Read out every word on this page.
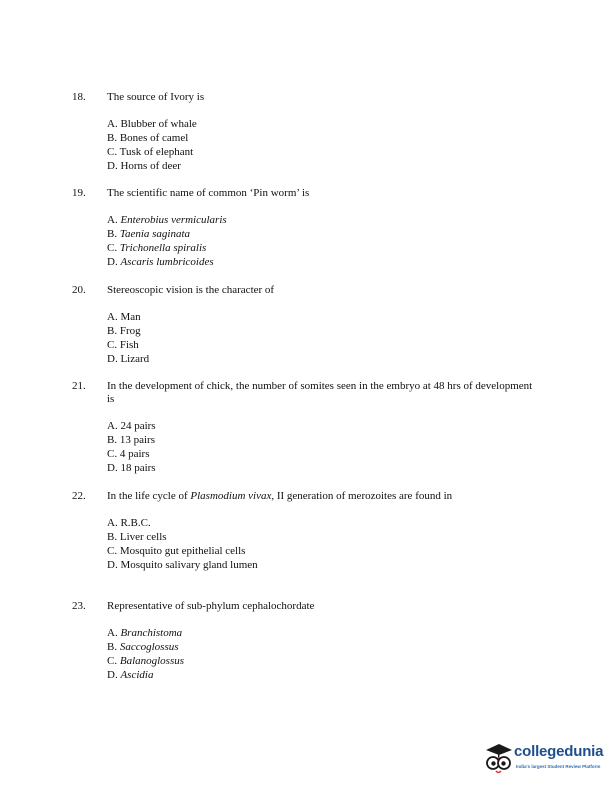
18.	The source of Ivory is
A. Blubber of whale
B. Bones of camel
C. Tusk of elephant
D. Horns of deer
19.	The scientific name of common ‘Pin worm’ is
A. Enterobius vermicularis
B. Taenia saginata
C. Trichonella spiralis
D. Ascaris lumbricoides
20.	Stereoscopic vision is the character of
A. Man
B. Frog
C. Fish
D. Lizard
21.	In the development of chick, the number of somites seen in the embryo at 48 hrs of development is
A. 24 pairs
B. 13 pairs
C. 4 pairs
D. 18 pairs
22.	In the life cycle of Plasmodium vivax, II generation of merozoites are found in
A. R.B.C.
B. Liver cells
C. Mosquito gut epithelial cells
D. Mosquito salivary gland lumen
23.	Representative of sub-phylum cephalochordate
A. Branchistoma
B. Saccoglossus
C. Balanoglossus
D. Ascidia
collegedunia
India's largest Student Review Platform
